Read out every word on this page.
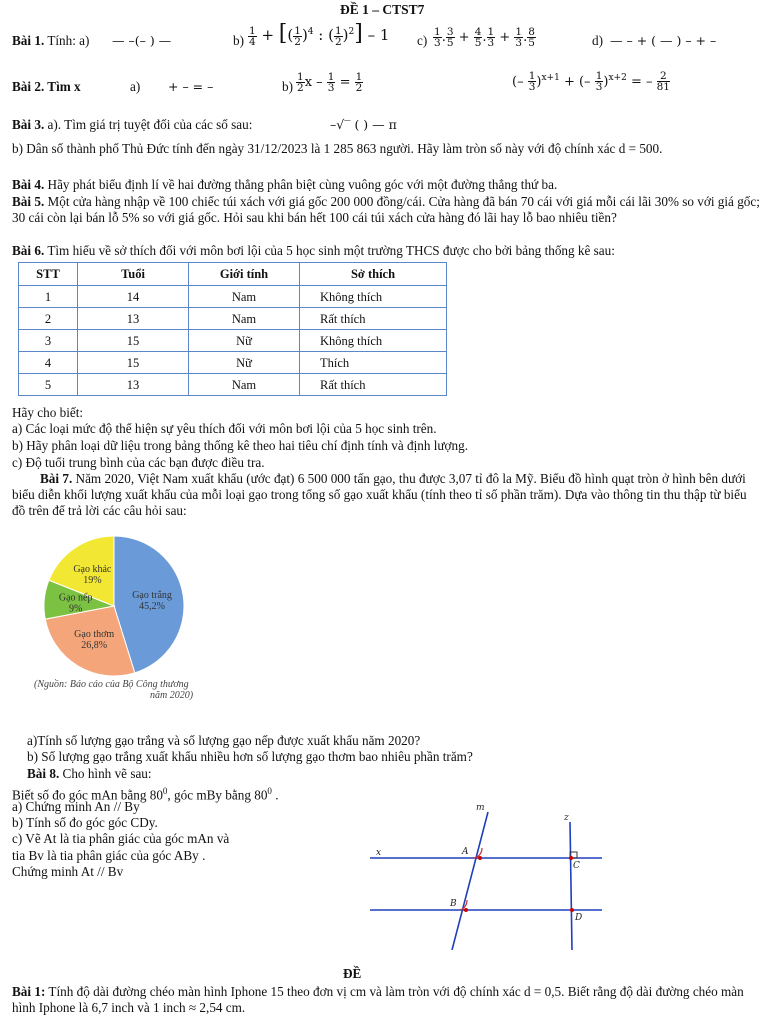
ĐỀ 1 – CTST7
Bài 1. Tính: a) — –(– ) —	$b) \frac{1}{4}$ + [( $\frac{1}{2} )^4$ : ( $\frac{1}{2} )^2] - 1$ $c) \frac{1}{3}$ . $\frac{3}{5} + \frac{4}{5}$ . $\frac{1}{3} + \frac{1}{3}$ . $\frac{8}{5}$	d) — – + ( — ) – + –
Bài 2. Tìm x	a) + – = –	$b) \frac{1}{2}$ $x - \frac{1}{3} = \frac{1}{2}$	(– $\frac{1}{3} )^{x+1}$ + (– $\frac{1}{3} )^{x+2}$ = – $\frac{2}{81}$
Bài 3. a). Tìm giá trị tuyệt đối của các số sau:	–√‾ ( ) — π
b) Dân số thành phố Thủ Đức tính đến ngày 31/12/2023 là 1 285 863 người. Hãy làm tròn số này với độ chính xác d = 500.
Bài 4. Hãy phát biểu định lí về hai đường thẳng phân biệt cùng vuông góc với một đường thẳng thứ ba.
Bài 5. Một cửa hàng nhập về 100 chiếc túi xách với giá gốc 200 000 đồng/cái. Cửa hàng đã bán 70 cái với giá mỗi cái lãi 30% so với giá gốc; 30 cái còn lại bán lỗ 5% so với giá gốc. Hỏi sau khi bán hết 100 cái túi xách cửa hàng đó lãi hay lỗ bao nhiêu tiền?
Bài 6. Tìm hiểu về sở thích đối với môn bơi lội của 5 học sinh một trường THCS được cho bởi bảng thống kê sau:
STT	Tuổi	Giới tính	Sở thích
1	14	Nam	Không thích
2	13	Nam	Rất thích
3	15	Nữ	Không thích
4	15	Nữ	Thích
5	13	Nam	Rất thích
Hãy cho biết:
a) Các loại mức độ thể hiện sự yêu thích đối với môn bơi lội của 5 học sinh trên.
b) Hãy phân loại dữ liệu trong bảng thống kê theo hai tiêu chí định tính và định lượng.
c) Độ tuổi trung bình của các bạn được điều tra.
Bài 7. Năm 2020, Việt Nam xuất khẩu (ước đạt) 6 500 000 tấn gạo, thu được 3,07 tỉ đô la Mỹ. Biểu đồ hình quạt tròn ở hình bên dưới biểu diễn khối lượng xuất khẩu của mỗi loại gạo trong tổng số gạo xuất khẩu (tính theo tỉ số phần trăm). Dựa vào thông tin thu thập từ biểu đồ trên để trả lời các câu hỏi sau:
Gạo trắng
45,2%
Gạo thơm
26,8%
Gạo nếp
9%
Gạo khác
19%
(Nguồn: Báo cáo của Bộ Công thương
năm 2020)
a)Tính số lượng gạo trắng và số lượng gạo nếp được xuất khẩu năm 2020?
b) Số lượng gạo trắng xuất khẩu nhiều hơn số lượng gạo thơm bao nhiêu phần trăm?
Bài 8. Cho hình vẽ sau:
Biết số đo góc mAn bằng $80^0$, góc mBy bằng $80^0$ .
a) Chứng minh An // By
b) Tính số đo góc góc CDy.
c) Vẽ At là tia phân giác của góc mAn và
tia Bv là tia phân giác của góc ABy .
Chứng minh At // Bv
m
z
x	A
B
C
D
ĐỀ
Bài 1: Tính độ dài đường chéo màn hình Iphone 15 theo đơn vị cm và làm tròn với độ chính xác d = 0,5. Biết rằng độ dài đường chéo màn hình Iphone là 6,7 inch và 1 inch ≈ 2,54 cm.
